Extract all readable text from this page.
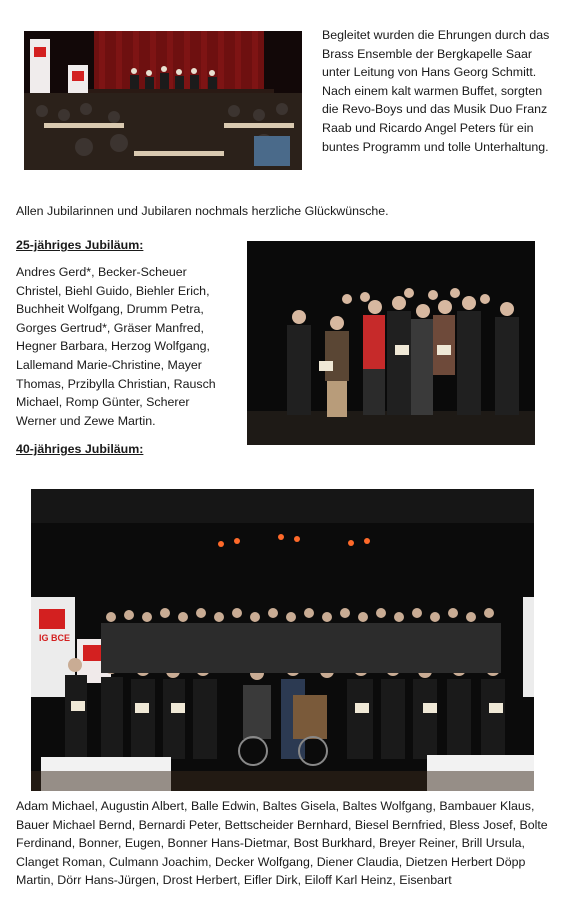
Begleitet wurden die Ehrungen durch das Brass Ensemble der Bergkapelle Saar unter Leitung von Hans Georg Schmitt. Nach einem kalt warmen Buffet, sorgten die Revo-Boys und das Musik Duo Franz Raab und Ricardo Angel Peters für ein buntes Programm und tolle Unterhaltung.
Allen Jubilarinnen und Jubilaren nochmals herzliche Glückwünsche.
25-jähriges Jubiläum:
Andres Gerd*, Becker-Scheuer Christel, Biehl Guido, Biehler Erich, Buchheit Wolfgang, Drumm Petra, Gorges Gertrud*, Gräser Manfred, Hegner Barbara, Herzog Wolfgang, Lallemand Marie-Christine, Mayer Thomas, Przibylla Christian, Rausch Michael, Romp Günter, Scherer Werner und Zewe Martin.
40-jähriges Jubiläum:
IG BCE
Adam Michael, Augustin Albert, Balle Edwin, Baltes Gisela, Baltes Wolfgang, Bambauer Klaus, Bauer Michael Bernd, Bernardi Peter, Bettscheider Bernhard, Biesel Bernfried, Bless Josef, Bolte Ferdinand, Bonner, Eugen, Bonner Hans-Dietmar, Bost Burkhard, Breyer Reiner, Brill Ursula, Clanget Roman, Culmann Joachim, Decker Wolfgang, Diener Claudia, Dietzen Herbert Döpp Martin, Dörr Hans-Jürgen, Drost Herbert, Eifler Dirk, Eiloff Karl Heinz, Eisenbart
